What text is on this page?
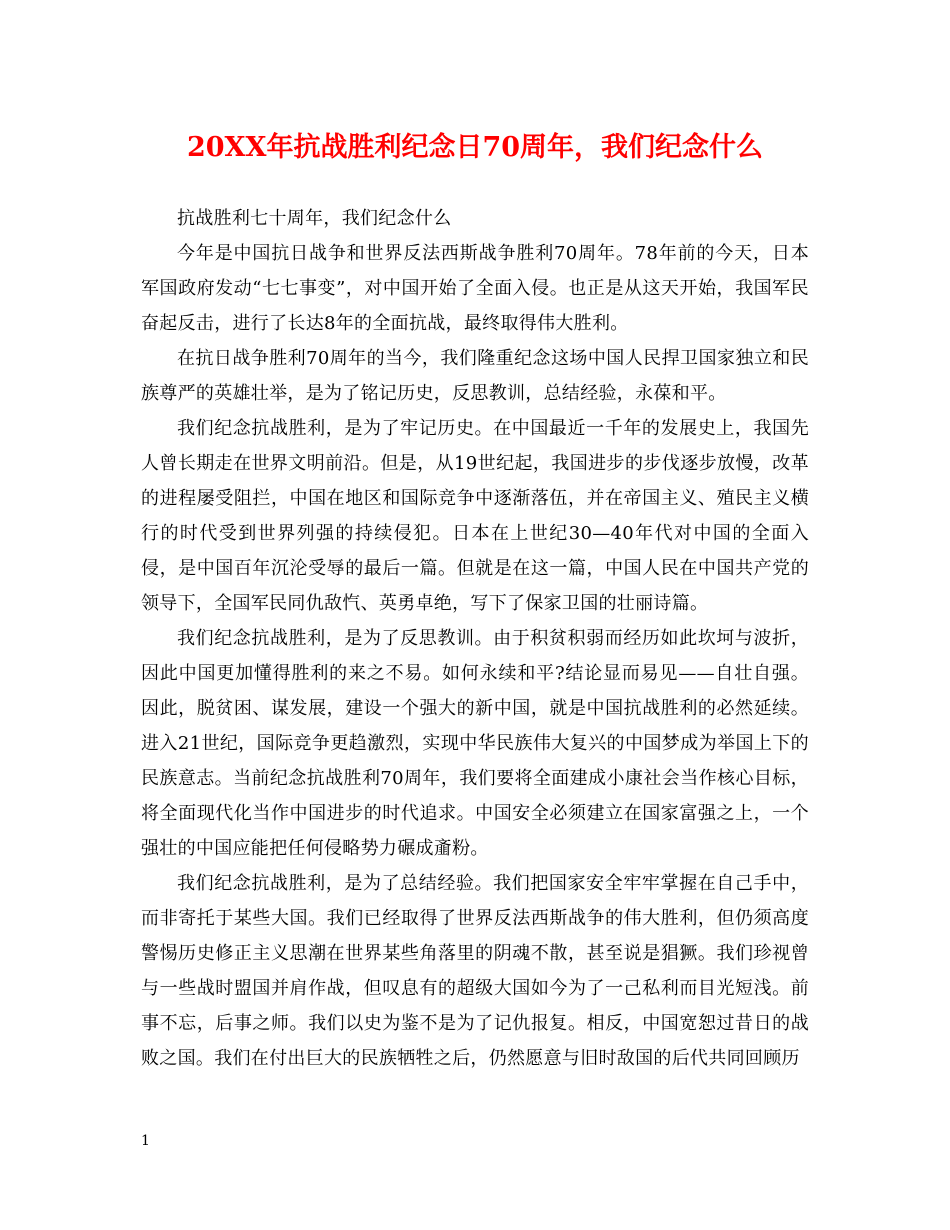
20XX年抗战胜利纪念日70周年，我们纪念什么

抗战胜利七十周年，我们纪念什么

今年是中国抗日战争和世界反法西斯战争胜利70周年。78年前的今天，日本军国政府发动“七七事变”，对中国开始了全面入侵。也正是从这天开始，我国军民奋起反击，进行了长达8年的全面抗战，最终取得伟大胜利。

在抗日战争胜利70周年的当今，我们隆重纪念这场中国人民捍卫国家独立和民族尊严的英雄壮举，是为了铭记历史，反思教训，总结经验，永葆和平。

我们纪念抗战胜利，是为了牢记历史。在中国最近一千年的发展史上，我国先人曾长期走在世界文明前沿。但是，从19世纪起，我国进步的步伐逐步放慢，改革的进程屡受阻拦，中国在地区和国际竞争中逐渐落伍，并在帝国主义、殖民主义横行的时代受到世界列强的持续侵犯。日本在上世纪30—40年代对中国的全面入侵，是中国百年沉沦受辱的最后一篇。但就是在这一篇，中国人民在中国共产党的领导下，全国军民同仇敌忾、英勇卓绝，写下了保家卫国的壮丽诗篇。

我们纪念抗战胜利，是为了反思教训。由于积贫积弱而经历如此坎坷与波折，因此中国更加懂得胜利的来之不易。如何永续和平?结论显而易见——自壮自强。因此，脱贫困、谋发展，建设一个强大的新中国，就是中国抗战胜利的必然延续。进入21世纪，国际竞争更趋激烈，实现中华民族伟大复兴的中国梦成为举国上下的民族意志。当前纪念抗战胜利70周年，我们要将全面建成小康社会当作核心目标，将全面现代化当作中国进步的时代追求。中国安全必须建立在国家富强之上，一个强壮的中国应能把任何侵略势力碾成齑粉。

我们纪念抗战胜利，是为了总结经验。我们把国家安全牢牢掌握在自己手中，而非寄托于某些大国。我们已经取得了世界反法西斯战争的伟大胜利，但仍须高度警惕历史修正主义思潮在世界某些角落里的阴魂不散，甚至说是猖獗。我们珍视曾与一些战时盟国并肩作战，但叹息有的超级大国如今为了一己私利而目光短浅。前事不忘，后事之师。我们以史为鉴不是为了记仇报复。相反，中国宽恕过昔日的战败之国。我们在付出巨大的民族牺牲之后，仍然愿意与旧时敌国的后代共同回顾历

1
